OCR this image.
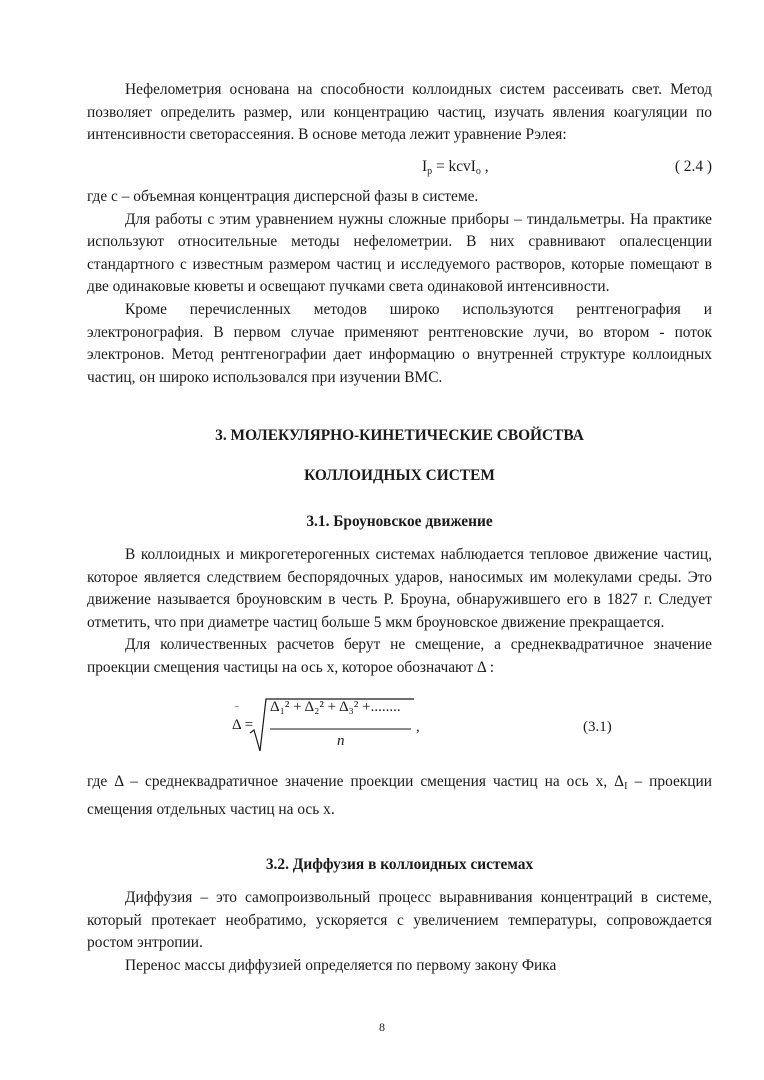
Нефелометрия основана на способности коллоидных систем рассеивать свет. Метод позволяет определить размер, или концентрацию частиц, изучать явления коагуляции по интенсивности светорассеяния. В основе метода лежит уравнение Рэлея:

$I_p$ = kcvI$_o$ ,	( 2.4 )

где с – объемная концентрация дисперсной фазы в системе.

Для работы с этим уравнением нужны сложные приборы – тиндальметры. На практике используют относительные методы нефелометрии. В них сравнивают опалесценции стандартного с известным размером частиц и исследуемого растворов, которые помещают в две одинаковые кюветы и освещают пучками света одинаковой интенсивности.

Кроме перечисленных методов широко используются рентгенография и электронография. В первом случае применяют рентгеновские лучи, во втором - поток электронов. Метод рентгенографии дает информацию о внутренней структуре коллоидных частиц, он широко использовался при изучении ВМС.

3. МОЛЕКУЛЯРНО-КИНЕТИЧЕСКИЕ СВОЙСТВА

КОЛЛОИДНЫХ СИСТЕМ

3.1. Броуновское движение

В коллоидных и микрогетерогенных системах наблюдается тепловое движение частиц, которое является следствием беспорядочных ударов, наносимых им молекулами среды. Это движение называется броуновским в честь Р. Броуна, обнаружившего его в 1827 г. Следует отметить, что при диаметре частиц больше 5 мкм броуновское движение прекращается.

Для количественных расчетов берут не смещение, а среднеквадратичное значение проекции смещения частицы на ось х, которое обозначают Δ :

‾
Δ =
Δ₁² + Δ₂² + Δ₃² +........
n
,	(3.1)

где Δ – среднеквадратичное значение проекции смещения частиц на ось х, $\Delta_I$ – проекции смещения отдельных частиц на ось х.

3.2. Диффузия в коллоидных системах

Диффузия – это самопроизвольный процесс выравнивания концентраций в системе, который протекает необратимо, ускоряется с увеличением температуры, сопровождается ростом энтропии.

Перенос массы диффузией определяется по первому закону Фика

8
